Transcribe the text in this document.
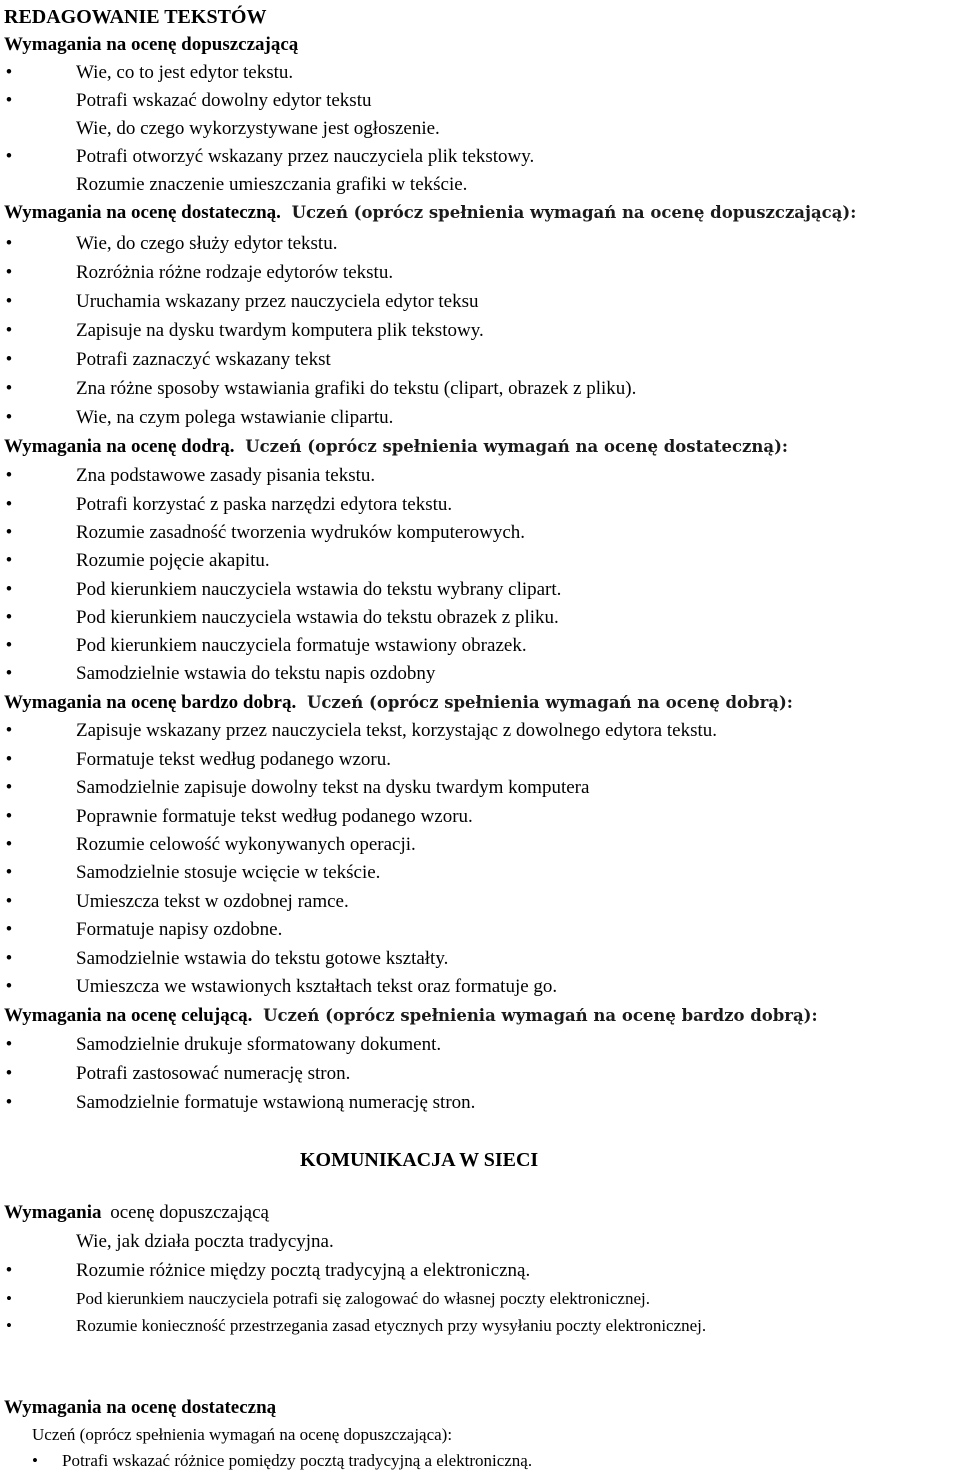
REDAGOWANIE TEKSTÓW
Wymagania na ocenę dopuszczającą
•	Wie, co to jest edytor tekstu.
•	Potrafi wskazać dowolny edytor tekstu
Wie, do czego wykorzystywane jest ogłoszenie.
•	Potrafi otworzyć wskazany przez nauczyciela plik tekstowy.
Rozumie znaczenie umieszczania grafiki w tekście.
Wymagania na ocenę dostateczną. Uczeń (oprócz spełnienia wymagań na ocenę dopuszczającą):
•	Wie, do czego służy edytor tekstu.
•	Rozróżnia różne rodzaje edytorów tekstu.
•	Uruchamia wskazany przez nauczyciela edytor teksu
•	Zapisuje na dysku twardym komputera plik tekstowy.
•	Potrafi zaznaczyć wskazany tekst
•	Zna różne sposoby wstawiania grafiki do tekstu (clipart, obrazek z pliku).
•	Wie, na czym polega wstawianie clipartu.
Wymagania na ocenę dodrą. Uczeń (oprócz spełnienia wymagań na ocenę dostateczną):
•	Zna podstawowe zasady pisania tekstu.
•	Potrafi korzystać z paska narzędzi edytora tekstu.
•	Rozumie zasadność tworzenia wydruków komputerowych.
•	Rozumie pojęcie akapitu.
•	Pod kierunkiem nauczyciela wstawia do tekstu wybrany clipart.
•	Pod kierunkiem nauczyciela wstawia do tekstu obrazek z pliku.
•	Pod kierunkiem nauczyciela formatuje wstawiony obrazek.
•	Samodzielnie wstawia do tekstu napis ozdobny
Wymagania na ocenę bardzo dobrą. Uczeń (oprócz spełnienia wymagań na ocenę dobrą):
•	Zapisuje wskazany przez nauczyciela tekst, korzystając z dowolnego edytora tekstu.
•	Formatuje tekst według podanego wzoru.
•	Samodzielnie zapisuje dowolny tekst na dysku twardym komputera
•	Poprawnie formatuje tekst według podanego wzoru.
•	Rozumie celowość wykonywanych operacji.
•	Samodzielnie stosuje wcięcie w tekście.
•	Umieszcza tekst w ozdobnej ramce.
•	Formatuje napisy ozdobne.
•	Samodzielnie wstawia do tekstu gotowe kształty.
•	Umieszcza we wstawionych kształtach tekst oraz formatuje go.
Wymagania na ocenę celującą. Uczeń (oprócz spełnienia wymagań na ocenę bardzo dobrą):
•	Samodzielnie drukuje sformatowany dokument.
•	Potrafi zastosować numerację stron.
•	Samodzielnie formatuje wstawioną numerację stron.
KOMUNIKACJA W SIECI
Wymagania ocenę dopuszczającą
Wie, jak działa poczta tradycyjna.
•	Rozumie różnice między pocztą tradycyjną a elektroniczną.
•	Pod kierunkiem nauczyciela potrafi się zalogować do własnej poczty elektronicznej.
•	Rozumie konieczność przestrzegania zasad etycznych przy wysyłaniu poczty elektronicznej.
Wymagania na ocenę dostateczną
Uczeń (oprócz spełnienia wymagań na ocenę dopuszczająca):
• Potrafi wskazać różnice pomiędzy pocztą tradycyjną a elektroniczną.
